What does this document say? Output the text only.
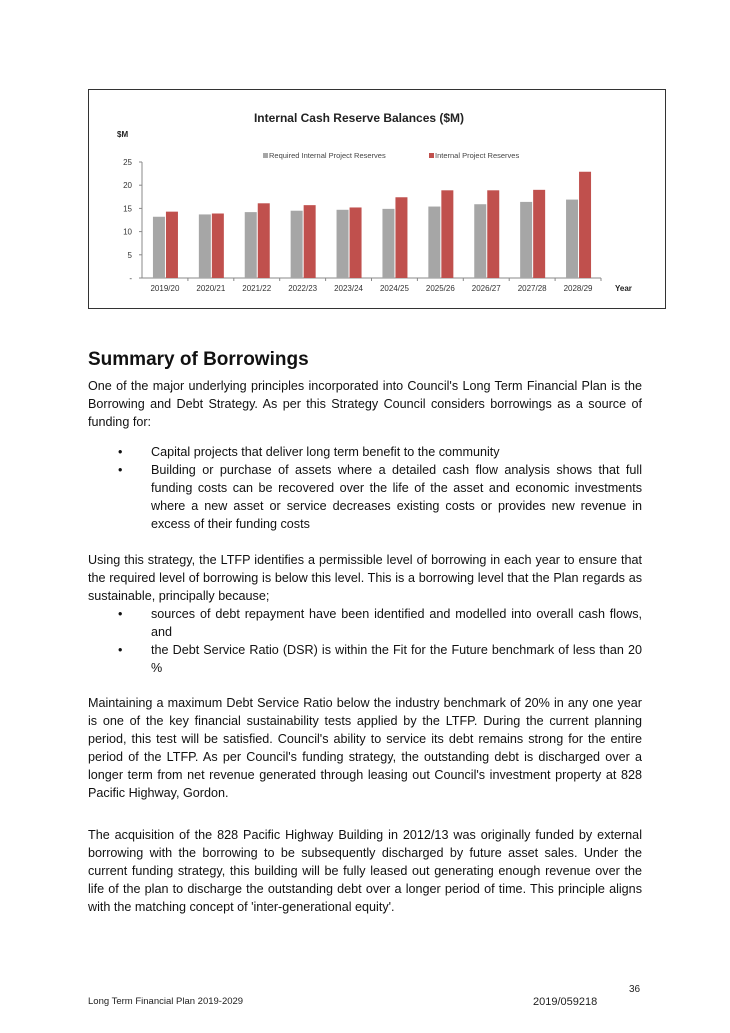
Internal Cash Reserve Balances ($M)
$M
Required Internal Project Reserves	Internal Project Reserves
-
5
10
15
20
25
2019/20 2020/21 2021/22 2022/23 2023/24 2024/25 2025/26 2026/27 2027/28 2028/29	Year
Summary of Borrowings

One of the major underlying principles incorporated into Council's Long Term Financial Plan is the Borrowing and Debt Strategy. As per this Strategy Council considers borrowings as a source of funding for:

• Capital projects that deliver long term benefit to the community
• Building or purchase of assets where a detailed cash flow analysis shows that full funding costs can be recovered over the life of the asset and economic investments where a new asset or service decreases existing costs or provides new revenue in excess of their funding costs

Using this strategy, the LTFP identifies a permissible level of borrowing in each year to ensure that the required level of borrowing is below this level. This is a borrowing level that the Plan regards as sustainable, principally because;

• sources of debt repayment have been identified and modelled into overall cash flows, and
• the Debt Service Ratio (DSR) is within the Fit for the Future benchmark of less than 20 %

Maintaining a maximum Debt Service Ratio below the industry benchmark of 20% in any one year is one of the key financial sustainability tests applied by the LTFP. During the current planning period, this test will be satisfied. Council's ability to service its debt remains strong for the entire period of the LTFP. As per Council's funding strategy, the outstanding debt is discharged over a longer term from net revenue generated through leasing out Council's investment property at 828 Pacific Highway, Gordon.

The acquisition of the 828 Pacific Highway Building in 2012/13 was originally funded by external borrowing with the borrowing to be subsequently discharged by future asset sales. Under the current funding strategy, this building will be fully leased out generating enough revenue over the life of the plan to discharge the outstanding debt over a longer period of time. This principle aligns with the matching concept of 'inter-generational equity'.

36
Long Term Financial Plan 2019-2029	2019/059218
